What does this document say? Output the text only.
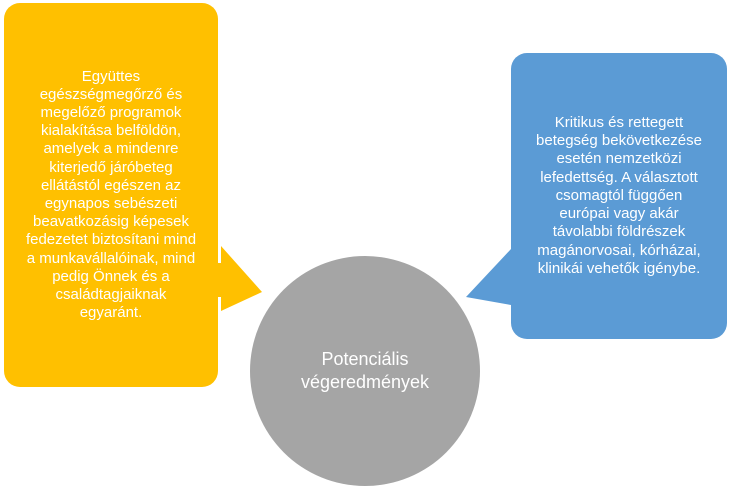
Együttes
egészségmegőrző és
megelőző programok
kialakítása belföldön,
amelyek a mindenre
kiterjedő járóbeteg
ellátástól egészen az
egynapos sebészeti
beavatkozásig képesek
fedezetet biztosítani mind
a munkavállalóinak, mind
pedig Önnek és a
családtagjaiknak
egyaránt.
Kritikus és rettegett
betegség bekövetkezése
esetén nemzetközi
lefedettség. A választott
csomagtól függően
európai vagy akár
távolabbi földrészek
magánorvosai, kórházai,
klinikái vehetők igénybe.
Potenciális
végeredmények
